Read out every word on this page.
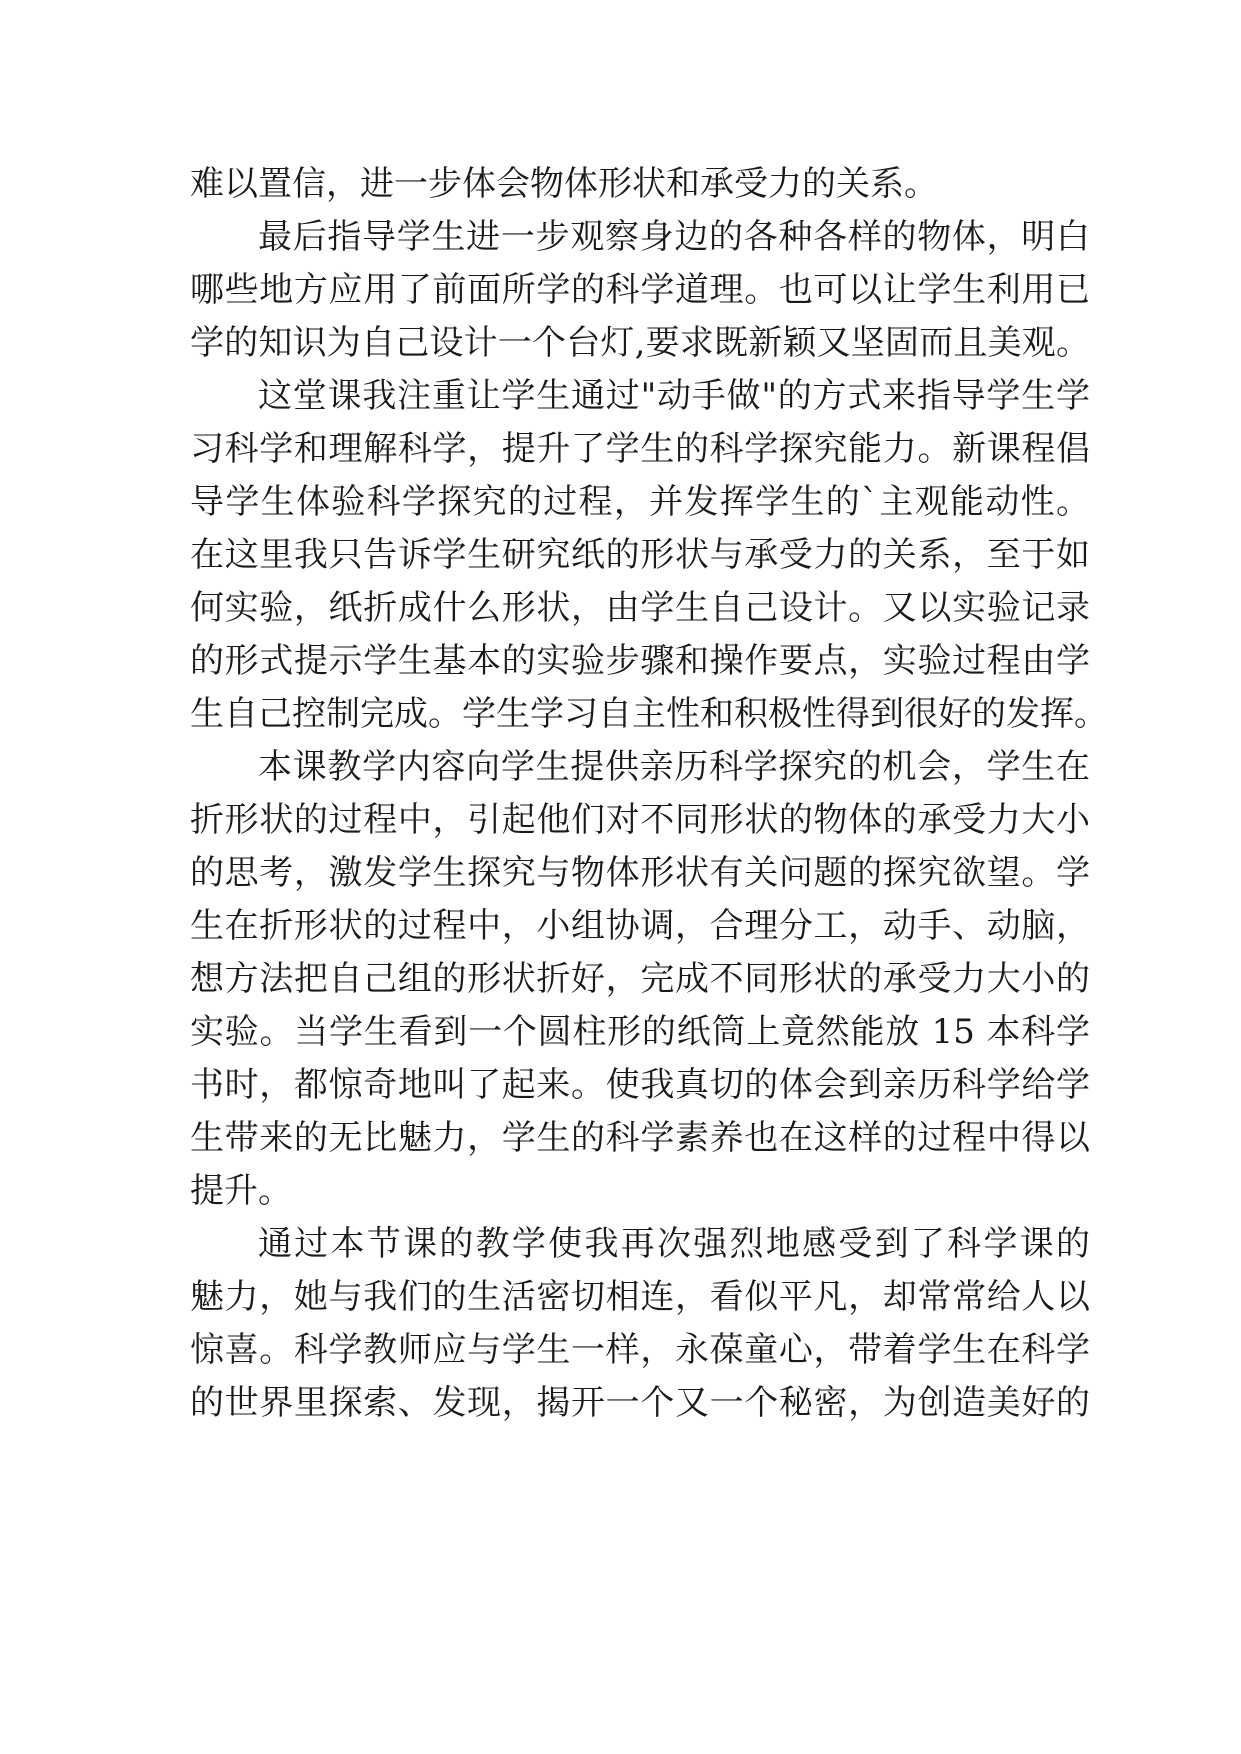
难以置信，进一步体会物体形状和承受力的关系。
最后指导学生进一步观察身边的各种各样的物体，明白
哪些地方应用了前面所学的科学道理。也可以让学生利用已
学的知识为自己设计一个台灯,要求既新颖又坚固而且美观。
这堂课我注重让学生通过"动手做"的方式来指导学生学
习科学和理解科学，提升了学生的科学探究能力。新课程倡
导学生体验科学探究的过程，并发挥学生的`主观能动性。
在这里我只告诉学生研究纸的形状与承受力的关系，至于如
何实验，纸折成什么形状，由学生自己设计。又以实验记录
的形式提示学生基本的实验步骤和操作要点，实验过程由学
生自己控制完成。学生学习自主性和积极性得到很好的发挥。
本课教学内容向学生提供亲历科学探究的机会，学生在
折形状的过程中，引起他们对不同形状的物体的承受力大小
的思考，激发学生探究与物体形状有关问题的探究欲望。学
生在折形状的过程中，小组协调，合理分工，动手、动脑，
想方法把自己组的形状折好，完成不同形状的承受力大小的
实验。当学生看到一个圆柱形的纸筒上竟然能放 15 本科学
书时，都惊奇地叫了起来。使我真切的体会到亲历科学给学
生带来的无比魅力，学生的科学素养也在这样的过程中得以
提升。
通过本节课的教学使我再次强烈地感受到了科学课的
魅力，她与我们的生活密切相连，看似平凡，却常常给人以
惊喜。科学教师应与学生一样，永葆童心，带着学生在科学
的世界里探索、发现，揭开一个又一个秘密，为创造美好的
